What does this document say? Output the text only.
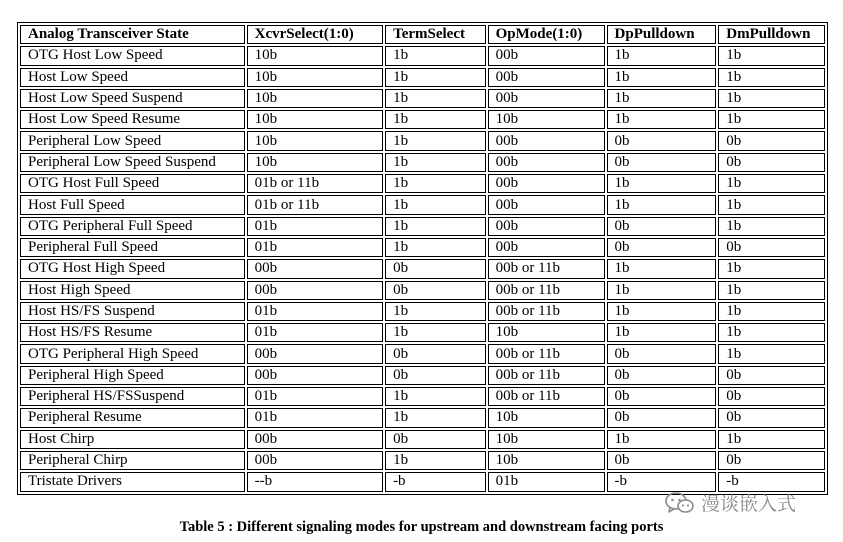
Analog Transceiver State	XcvrSelect(1:0)	TermSelect	OpMode(1:0)	DpPulldown	DmPulldown
OTG Host Low Speed	10b	1b	00b	1b	1b
Host Low Speed	10b	1b	00b	1b	1b
Host Low Speed Suspend	10b	1b	00b	1b	1b
Host Low Speed Resume	10b	1b	10b	1b	1b
Peripheral Low Speed	10b	1b	00b	0b	0b
Peripheral Low Speed Suspend	10b	1b	00b	0b	0b
OTG Host Full Speed	01b or 11b	1b	00b	1b	1b
Host Full Speed	01b or 11b	1b	00b	1b	1b
OTG Peripheral Full Speed	01b	1b	00b	0b	1b
Peripheral Full Speed	01b	1b	00b	0b	0b
OTG Host High Speed	00b	0b	00b or 11b	1b	1b
Host High Speed	00b	0b	00b or 11b	1b	1b
Host HS/FS Suspend	01b	1b	00b or 11b	1b	1b
Host HS/FS Resume	01b	1b	10b	1b	1b
OTG Peripheral High Speed	00b	0b	00b or 11b	0b	1b
Peripheral High Speed	00b	0b	00b or 11b	0b	0b
Peripheral HS/FSSuspend	01b	1b	00b or 11b	0b	0b
Peripheral Resume	01b	1b	10b	0b	0b
Host Chirp	00b	0b	10b	1b	1b
Peripheral Chirp	00b	1b	10b	0b	0b
Tristate Drivers	--b	-b	01b	-b	-b
Table 5 : Different signaling modes for upstream and downstream facing ports
漫谈嵌入式
